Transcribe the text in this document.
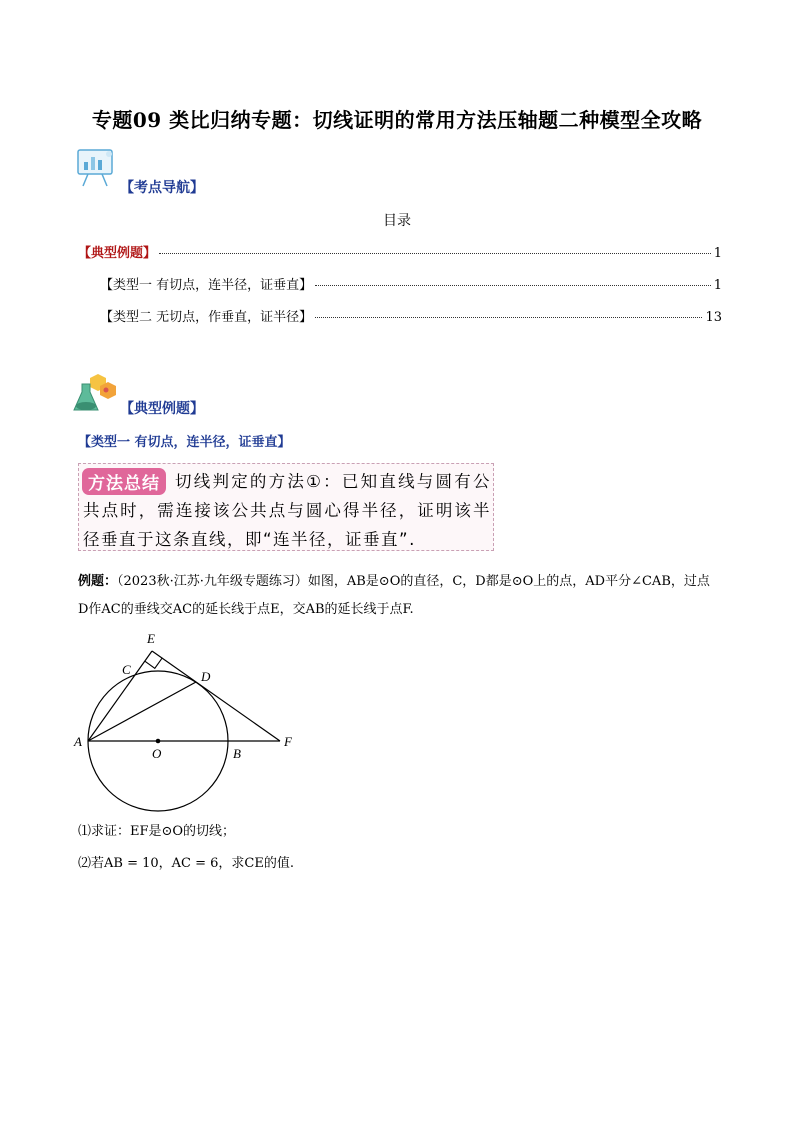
专题09 类比归纳专题：切线证明的常用方法压轴题二种模型全攻略
【考点导航】
目录
【典型例题】	1
【类型一 有切点，连半径，证垂直】	1
【类型二 无切点，作垂直，证半径】	13
【典型例题】
【类型一 有切点，连半径，证垂直】
切线判定的方法①：已知直线与圆有公共点时，需连接该公共点与圆心得半径，证明该半径垂直于这条直线，即“连半径，证垂直”.
方法总结
例题：（2023秋·江苏·九年级专题练习）如图，AB是⊙O的直径，C，D都是⊙O上的点，AD平分∠CAB，过点D作AC的垂线交AC的延长线于点E，交AB的延长线于点F.
A
B
C	D
E
F
O
⑴求证：EF是⊙O的切线；
⑵若AB = 10，AC = 6，求CE的值.
